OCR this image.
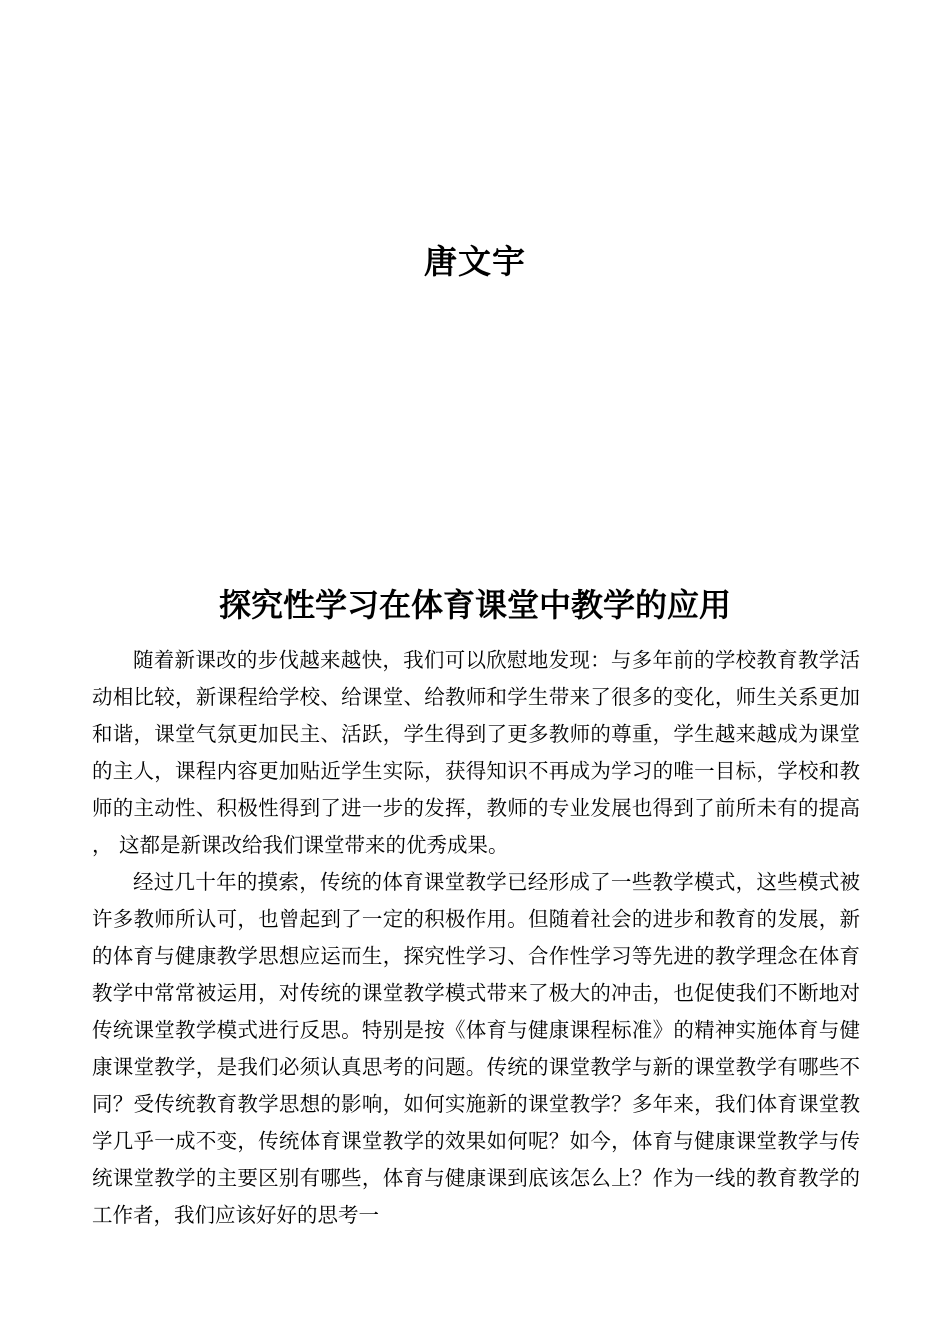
唐文宇
探究性学习在体育课堂中教学的应用

随着新课改的步伐越来越快，我们可以欣慰地发现：与多年前的学校教育教学活动相比较，新课程给学校、给课堂、给教师和学生带来了很多的变化，师生关系更加和谐，课堂气氛更加民主、活跃，学生得到了更多教师的尊重，学生越来越成为课堂的主人，课程内容更加贴近学生实际，获得知识不再成为学习的唯一目标，学校和教师的主动性、积极性得到了进一步的发挥，教师的专业发展也得到了前所未有的提高 ， 这都是新课改给我们课堂带来的优秀成果。

经过几十年的摸索，传统的体育课堂教学已经形成了一些教学模式，这些模式被许多教师所认可，也曾起到了一定的积极作用。但随着社会的进步和教育的发展，新的体育与健康教学思想应运而生，探究性学习、合作性学习等先进的教学理念在体育教学中常常被运用，对传统的课堂教学模式带来了极大的冲击，也促使我们不断地对传统课堂教学模式进行反思。特别是按《体育与健康课程标准》的精神实施体育与健康课堂教学，是我们必须认真思考的问题。传统的课堂教学与新的课堂教学有哪些不同？受传统教育教学思想的影响，如何实施新的课堂教学？多年来，我们体育课堂教学几乎一成不变，传统体育课堂教学的效果如何呢？如今，体育与健康课堂教学与传统课堂教学的主要区别有哪些，体育与健康课到底该怎么上？作为一线的教育教学的工作者，我们应该好好的思考一
